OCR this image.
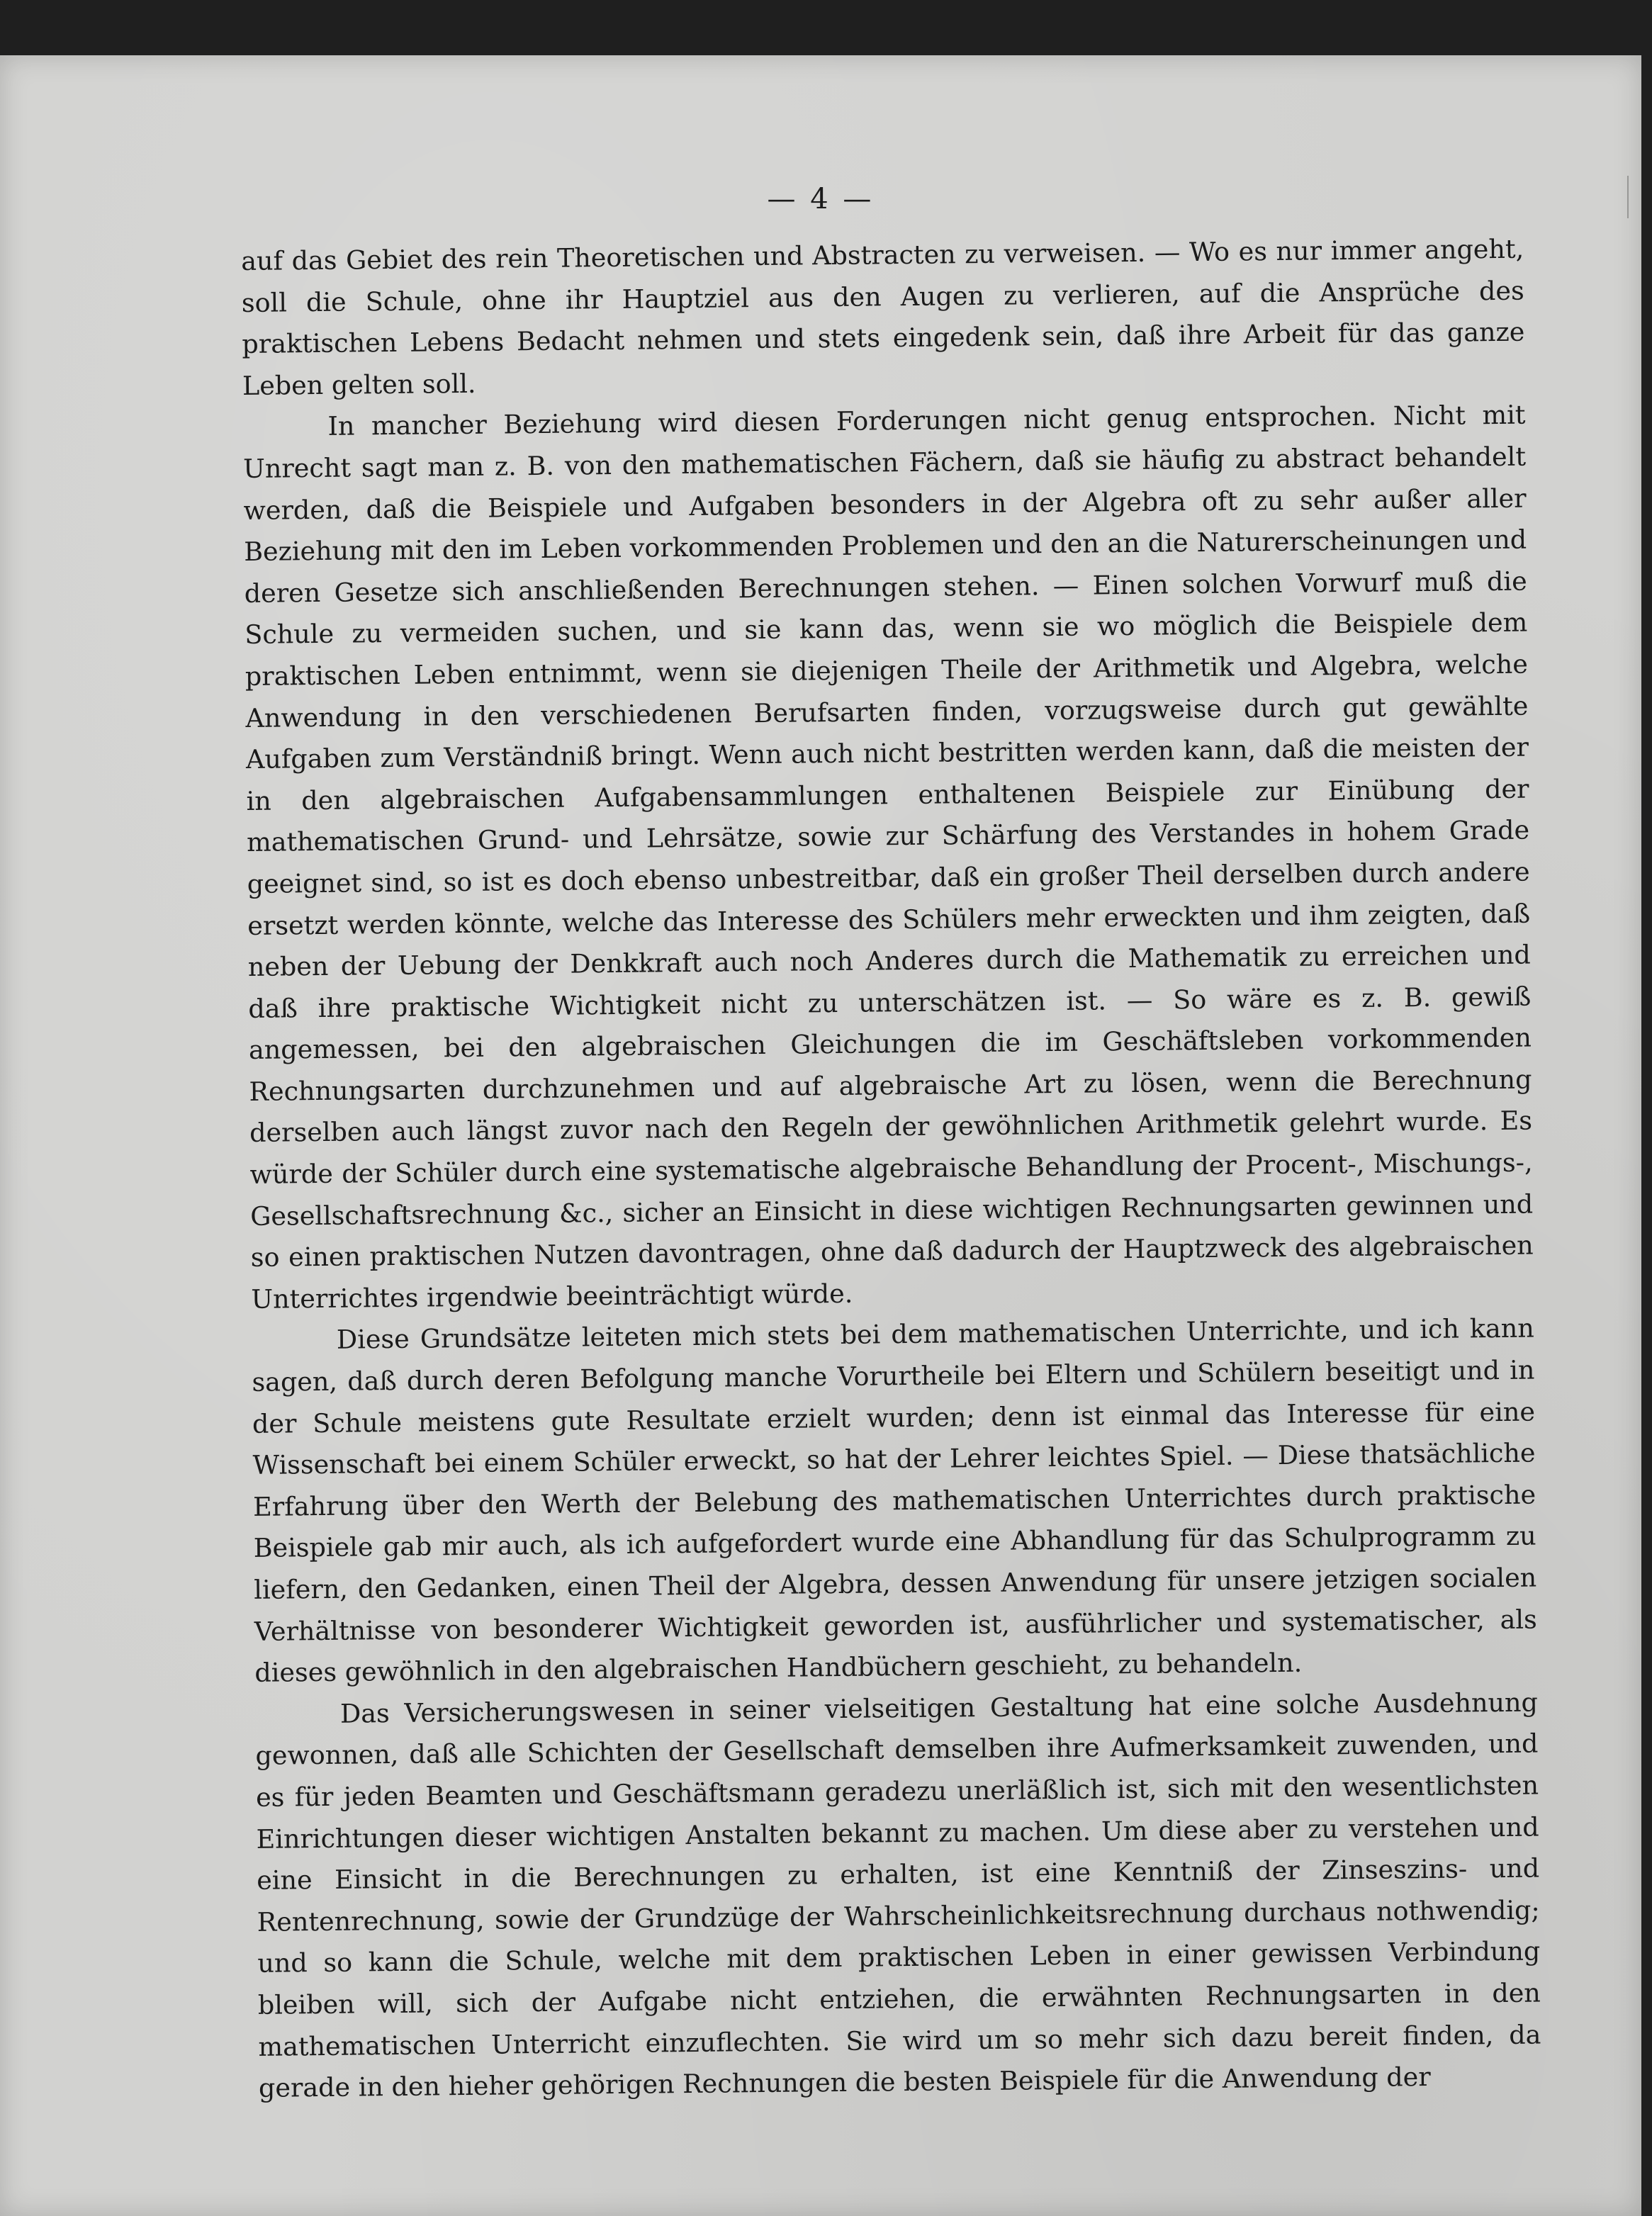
— 4 —

auf das Gebiet des rein Theoretischen und Abstracten zu verweisen. — Wo es nur immer angeht, soll die Schule, ohne ihr Hauptziel aus den Augen zu verlieren, auf die Ansprüche des praktischen Lebens Bedacht nehmen und stets eingedenk sein, daß ihre Arbeit für das ganze Leben gelten soll.

In mancher Beziehung wird diesen Forderungen nicht genug entsprochen. Nicht mit Unrecht sagt man z. B. von den mathematischen Fächern, daß sie häufig zu abstract behandelt werden, daß die Beispiele und Aufgaben besonders in der Algebra oft zu sehr außer aller Beziehung mit den im Leben vorkommenden Problemen und den an die Naturerscheinungen und deren Gesetze sich anschließenden Berechnungen stehen. — Einen solchen Vorwurf muß die Schule zu vermeiden suchen, und sie kann das, wenn sie wo möglich die Beispiele dem praktischen Leben entnimmt, wenn sie diejenigen Theile der Arithmetik und Algebra, welche Anwendung in den verschiedenen Berufsarten finden, vorzugsweise durch gut gewählte Aufgaben zum Verständniß bringt. Wenn auch nicht bestritten werden kann, daß die meisten der in den algebraischen Aufgabensammlungen enthaltenen Beispiele zur Einübung der mathematischen Grund- und Lehrsätze, sowie zur Schärfung des Verstandes in hohem Grade geeignet sind, so ist es doch ebenso unbestreitbar, daß ein großer Theil derselben durch andere ersetzt werden könnte, welche das Interesse des Schülers mehr erweckten und ihm zeigten, daß neben der Uebung der Denkkraft auch noch Anderes durch die Mathematik zu erreichen und daß ihre praktische Wichtigkeit nicht zu unterschätzen ist. — So wäre es z. B. gewiß angemessen, bei den algebraischen Gleichungen die im Geschäftsleben vorkommenden Rechnungsarten durchzunehmen und auf algebraische Art zu lösen, wenn die Berechnung derselben auch längst zuvor nach den Regeln der gewöhnlichen Arithmetik gelehrt wurde. Es würde der Schüler durch eine systematische algebraische Behandlung der Procent-, Mischungs-, Gesellschaftsrechnung &c., sicher an Einsicht in diese wichtigen Rechnungsarten gewinnen und so einen praktischen Nutzen davontragen, ohne daß dadurch der Hauptzweck des algebraischen Unterrichtes irgendwie beeinträchtigt würde.

Diese Grundsätze leiteten mich stets bei dem mathematischen Unterrichte, und ich kann sagen, daß durch deren Befolgung manche Vorurtheile bei Eltern und Schülern beseitigt und in der Schule meistens gute Resultate erzielt wurden; denn ist einmal das Interesse für eine Wissenschaft bei einem Schüler erweckt, so hat der Lehrer leichtes Spiel. — Diese thatsächliche Erfahrung über den Werth der Belebung des mathematischen Unterrichtes durch praktische Beispiele gab mir auch, als ich aufgefordert wurde eine Abhandlung für das Schulprogramm zu liefern, den Gedanken, einen Theil der Algebra, dessen Anwendung für unsere jetzigen socialen Verhältnisse von besonderer Wichtigkeit geworden ist, ausführlicher und systematischer, als dieses gewöhnlich in den algebraischen Handbüchern geschieht, zu behandeln.

Das Versicherungswesen in seiner vielseitigen Gestaltung hat eine solche Ausdehnung gewonnen, daß alle Schichten der Gesellschaft demselben ihre Aufmerksamkeit zuwenden, und es für jeden Beamten und Geschäftsmann geradezu unerläßlich ist, sich mit den wesentlichsten Einrichtungen dieser wichtigen Anstalten bekannt zu machen. Um diese aber zu verstehen und eine Einsicht in die Berechnungen zu erhalten, ist eine Kenntniß der Zinseszins- und Rentenrechnung, sowie der Grundzüge der Wahrscheinlichkeitsrechnung durchaus nothwendig; und so kann die Schule, welche mit dem praktischen Leben in einer gewissen Verbindung bleiben will, sich der Aufgabe nicht entziehen, die erwähnten Rechnungsarten in den mathematischen Unterricht einzuflechten. Sie wird um so mehr sich dazu bereit finden, da gerade in den hieher gehörigen Rechnungen die besten Beispiele für die Anwendung der
